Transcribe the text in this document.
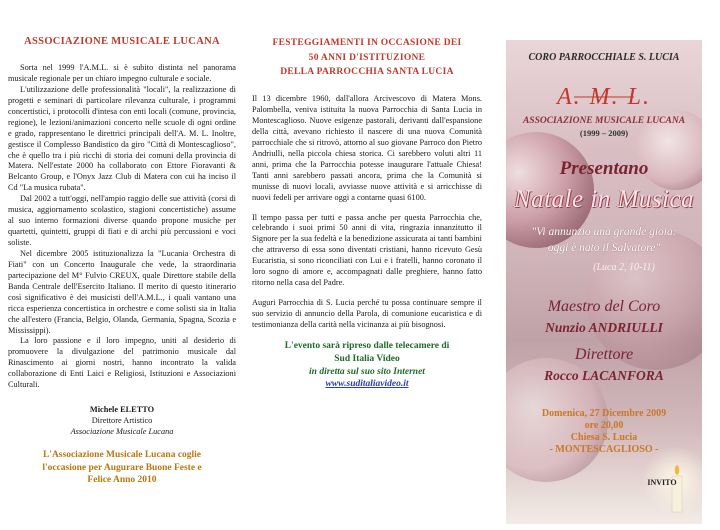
ASSOCIAZIONE MUSICALE LUCANA

Sorta nel 1999 l'A.M.L. si è subito distinta nel panorama musicale regionale per un chiaro impegno culturale e sociale.

L'utilizzazione delle professionalità "locali", la realizzazione di progetti e seminari di particolare rilevanza culturale, i programmi concertistici, i protocolli d'intesa con enti locali (comune, provincia, regione), le lezioni/animazioni concerto nelle scuole di ogni ordine e grado, rappresentano le direttrici principali dell'A. M. L. Inoltre, gestisce il Complesso Bandistico da giro "Città di Montescaglioso", che è quello tra i più ricchi di storia dei comuni della provincia di Matera. Nell'estate 2000 ha collaborato con Ettore Fioravanti & Belcanto Group, e l'Onyx Jazz Club di Matera con cui ha inciso il Cd "La musica rubata".

Dal 2002 a tutt'oggi, nell'ampio raggio delle sue attività (corsi di musica, aggiornamento scolastico, stagioni concertistiche) assume al suo interno formazioni diverse quando propone musiche per quartetti, quintetti, gruppi di fiati e di archi più percussioni e voci soliste.

Nel dicembre 2005 istituzionalizza la "Lucania Orchestra di Fiati" con un Concerto Inaugurale che vede, la straordinaria partecipazione del M° Fulvio CREUX, quale Direttore stabile della Banda Centrale dell'Esercito Italiano. Il merito di questo itinerario così significativo è dei musicisti dell'A.M.L., i quali vantano una ricca esperienza concertistica in orchestre e come solisti sia in Italia che all'estero (Francia, Belgio, Olanda, Germania, Spagna, Scozia e Mississippi).

La loro passione e il loro impegno, uniti al desiderio di promuovere la divulgazione del patrimonio musicale dal Rinascimento ai giorni nostri, hanno incontrato la valida collaborazione di Enti Laici e Religiosi, Istituzioni e Associazioni Culturali.

Michele ELETTO
Direttore Artistico
Associazione Musicale Lucana
L'Associazione Musicale Lucana coglie
l'occasione per Augurare Buone Feste e
Felice Anno 2010
FESTEGGIAMENTI IN OCCASIONE DEI
50 ANNI D'ISTITUZIONE
DELLA PARROCCHIA SANTA LUCIA

Il 13 dicembre 1960, dall'allora Arcivescovo di Matera Mons. Palombella, veniva istituita la nuova Parrocchia di Santa Lucia in Montescaglioso. Nuove esigenze pastorali, derivanti dall'espansione della città, avevano richiesto il nascere di una nuova Comunità parrocchiale che si ritrovò, attorno al suo giovane Parroco don Pietro Andriulli, nella piccola chiesa storica. Ci sarebbero voluti altri 11 anni, prima che la Parrocchia potesse inaugurare l'attuale Chiesa! Tanti anni sarebbero passati ancora, prima che la Comunità si munisse di nuovi locali, avviasse nuove attività e si arricchisse di nuovi fedeli per arrivare oggi a contarne quasi 6100.

Il tempo passa per tutti e passa anche per questa Parrocchia che, celebrando i suoi primi 50 anni di vita, ringrazia innanzitutto il Signore per la sua fedeltà e la benedizione assicurata ai tanti bambini che attraverso di essa sono diventati cristiani, hanno ricevuto Gesù Eucaristia, si sono riconciliati con Lui e i fratelli, hanno coronato il loro sogno di amore e, accompagnati dalle preghiere, hanno fatto ritorno nella casa del Padre.

Auguri Parrocchia di S. Lucia perché tu possa continuare sempre il suo servizio di annuncio della Parola, di comunione eucaristica e di testimonianza della carità nella vicinanza ai più bisognosi.

L'evento sarà ripreso dalle telecamere di
Sud Italia Video
in diretta sul suo sito Internet
www.suditaliavideo.it
CORO PARROCCHIALE S. LUCIA
A. M. L.
ASSOCIAZIONE MUSICALE LUCANA
(1999 – 2009)
Presentano
Natale in Musica
"Vi annunzio una grande gioia:
oggi è nato il Salvatore"
(Luca 2, 10-11)
Maestro del Coro
Nunzio ANDRIULLI
Direttore
Rocco LACANFORA
Domenica, 27 Dicembre 2009
ore 20,00
Chiesa S. Lucia
- MONTESCAGLIOSO -
INVITO
